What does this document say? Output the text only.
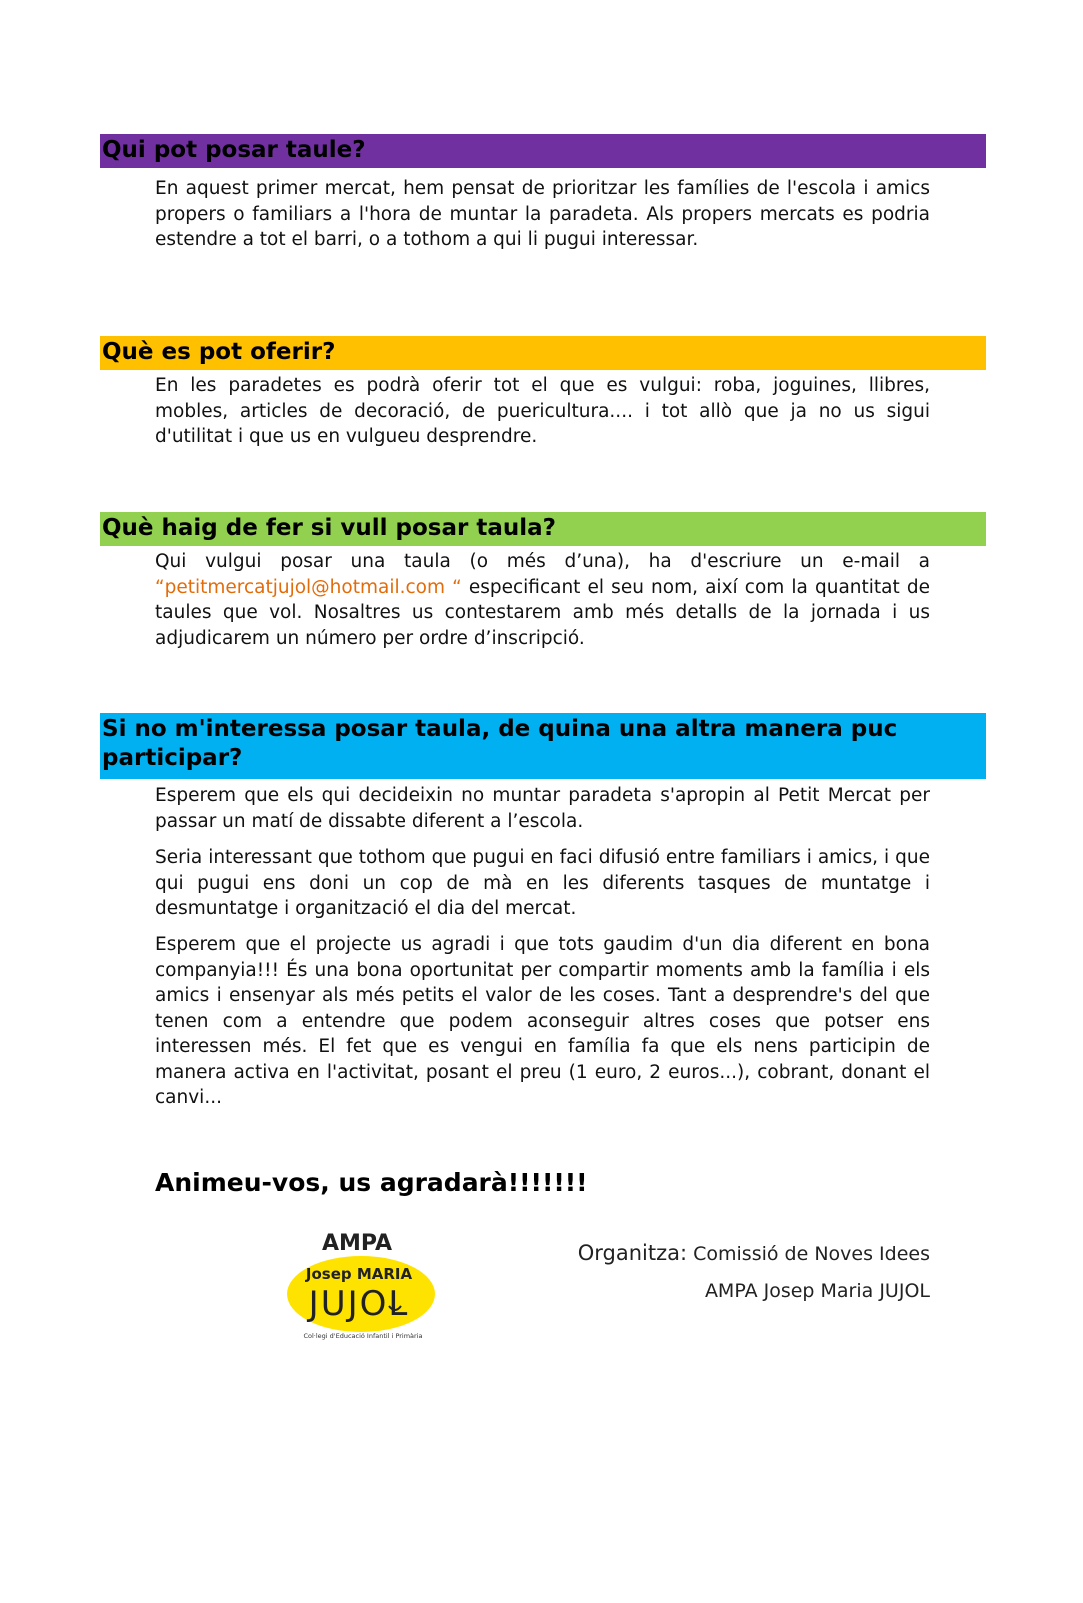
Qui pot posar taule?

En aquest primer mercat, hem pensat de prioritzar les famílies de l'escola i amics propers o familiars a l'hora de muntar la paradeta. Als propers mercats es podria estendre a tot el barri, o a tothom a qui li pugui interessar.

Què es pot oferir?

En les paradetes es podrà oferir tot el que es vulgui: roba, joguines, llibres, mobles, articles de decoració, de puericultura.... i tot allò que ja no us sigui d'utilitat i que us en vulgueu desprendre.

Què haig de fer si vull posar taula?

Qui vulgui posar una taula (o més d’una), ha d'escriure un e-mail a “petitmercatjujol@hotmail.com “ especificant el seu nom, així com la quantitat de taules que vol. Nosaltres us contestarem amb més detalls de la jornada i us adjudicarem un número per ordre d’inscripció.

Si no m'interessa posar taula, de quina una altra manera puc participar?

Esperem que els qui decideixin no muntar paradeta s'apropin al Petit Mercat per passar un matí de dissabte diferent a l’escola.

Seria interessant que tothom que pugui en faci difusió entre familiars i amics, i que qui pugui ens doni un cop de mà en les diferents tasques de muntatge i desmuntatge i organització el dia del mercat.

Esperem que el projecte us agradi i que tots gaudim d'un dia diferent en bona companyia!!! És una bona oportunitat per compartir moments amb la família i els amics i ensenyar als més petits el valor de les coses. Tant a desprendre's del que tenen com a entendre que podem aconseguir altres coses que potser ens interessen més. El fet que es vengui en família fa que els nens participin de manera activa en l'activitat, posant el preu (1 euro, 2 euros...), cobrant, donant el canvi...

Animeu-vos, us agradarà!!!!!!!

AMPA
Josep MARIA
JUJOL
Col·legi d'Educació Infantil i Primària

Organitza: Comissió de Noves Idees

AMPA Josep Maria JUJOL
